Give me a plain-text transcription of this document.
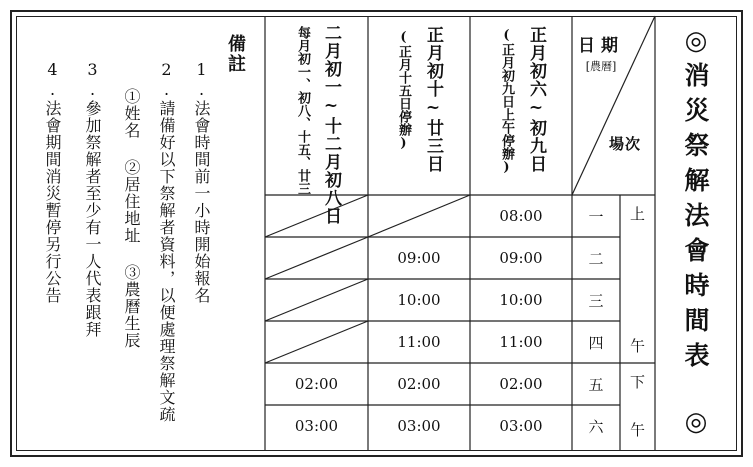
◎
消災祭解法會時間表
◎
日期
[農曆]
場次
正月初六~初九日
(正月初九日上午停辦)
正月初十~廿三日
(正月十五日停辦)
二月初一~十二月初八日
每月初一、初八、十五、廿三
上
午
下
午
一
二
三
四
五
六
08:00
09:00
10:00
11:00
02:00
03:00
09:00
10:00
11:00
02:00
03:00
02:00
03:00
備註
1.法會時間前一小時開始報名
2.請備好以下祭解者資料，以便處理祭解文疏
①姓名 ②居住地址 ③農曆生辰
3.參加祭解者至少有一人代表跟拜
4.法會期間消災暫停另行公告
